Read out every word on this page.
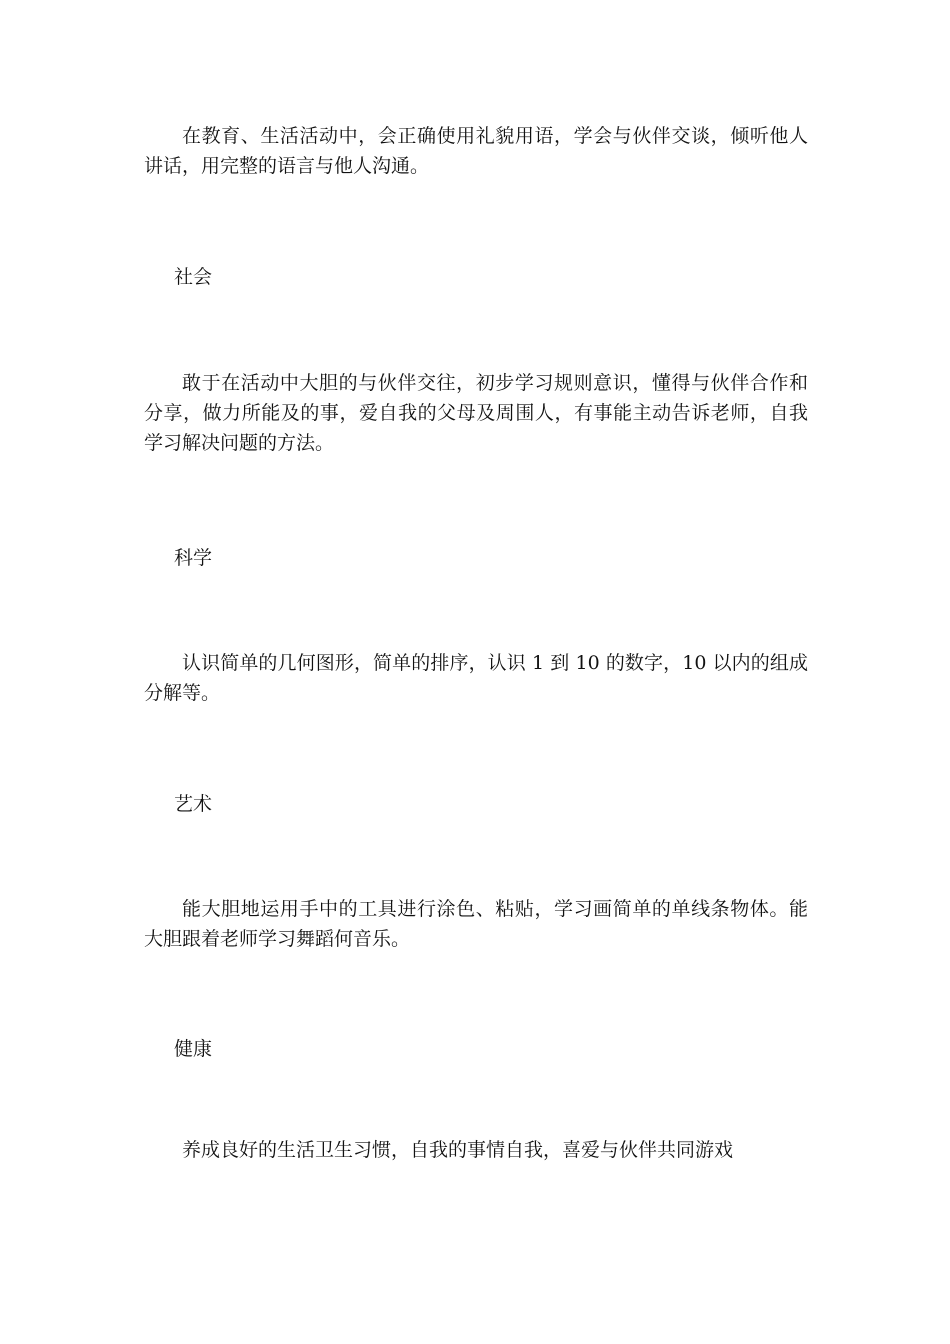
在教育、生活活动中，会正确使用礼貌用语，学会与伙伴交谈，倾听他人讲话，用完整的语言与他人沟通。

社会

敢于在活动中大胆的与伙伴交往，初步学习规则意识，懂得与伙伴合作和分享，做力所能及的事，爱自我的父母及周围人，有事能主动告诉老师，自我学习解决问题的方法。

科学

认识简单的几何图形，简单的排序，认识 1 到 10 的数字，10 以内的组成分解等。

艺术

能大胆地运用手中的工具进行涂色、粘贴，学习画简单的单线条物体。能大胆跟着老师学习舞蹈何音乐。

健康

养成良好的生活卫生习惯，自我的事情自我，喜爱与伙伴共同游戏
